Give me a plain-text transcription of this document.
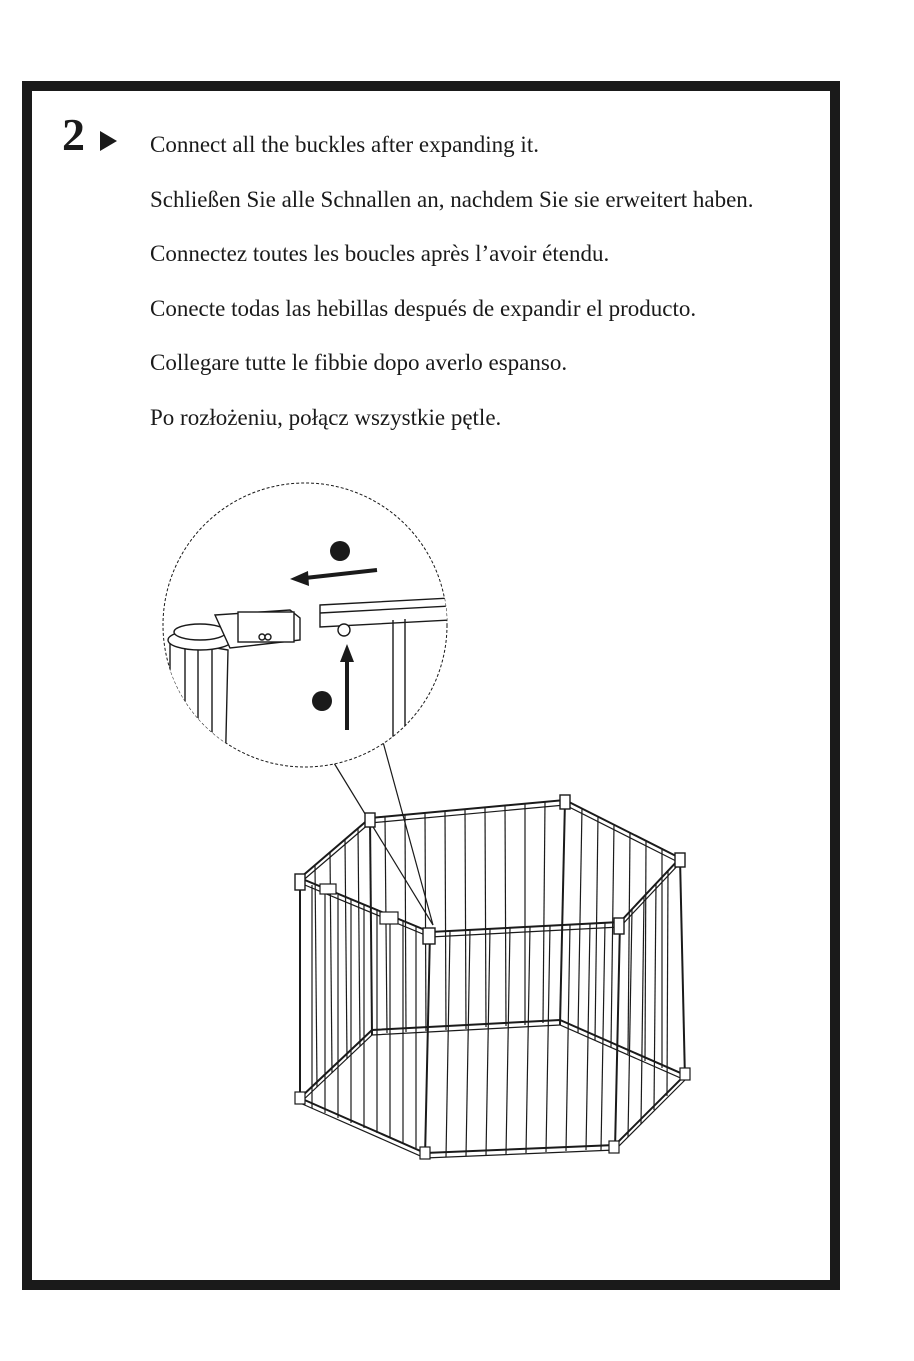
2	Connect all the buckles after expanding it.
Schließen Sie alle Schnallen an, nachdem Sie sie erweitert haben.
Connectez toutes les boucles après l’avoir étendu.
Conecte todas las hebillas después de expandir el producto.
Collegare tutte le fibbie dopo averlo espanso.
Po rozłożeniu, połącz wszystkie pętle.
